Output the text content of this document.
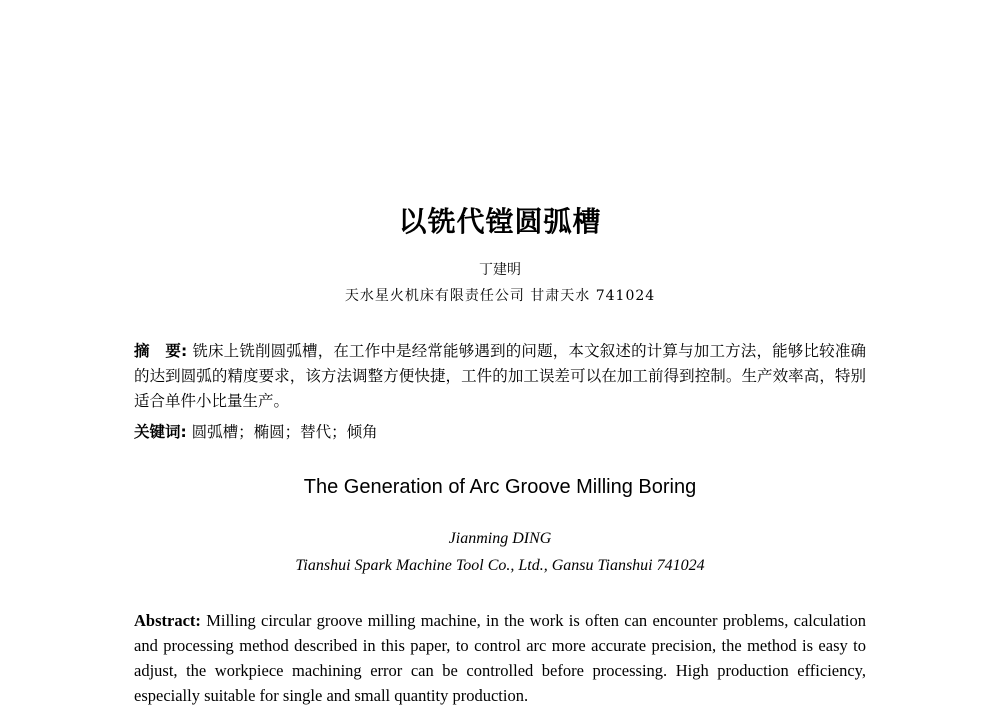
以铣代镗圆弧槽
丁建明
天水星火机床有限责任公司 甘肃天水 741024
摘　要: 铣床上铣削圆弧槽，在工作中是经常能够遇到的问题，本文叙述的计算与加工方法，能够比较准确的达到圆弧的精度要求，该方法调整方便快捷，工件的加工误差可以在加工前得到控制。生产效率高，特别适合单件小比量生产。
关键词: 圆弧槽；椭圆；替代；倾角
The Generation of Arc Groove Milling Boring
Jianming DING
Tianshui Spark Machine Tool Co., Ltd., Gansu Tianshui 741024
Abstract: Milling circular groove milling machine, in the work is often can encounter problems, calculation and processing method described in this paper, to control arc more accurate precision, the method is easy to adjust, the workpiece machining error can be controlled before processing. High production efficiency, especially suitable for single and small quantity production.
